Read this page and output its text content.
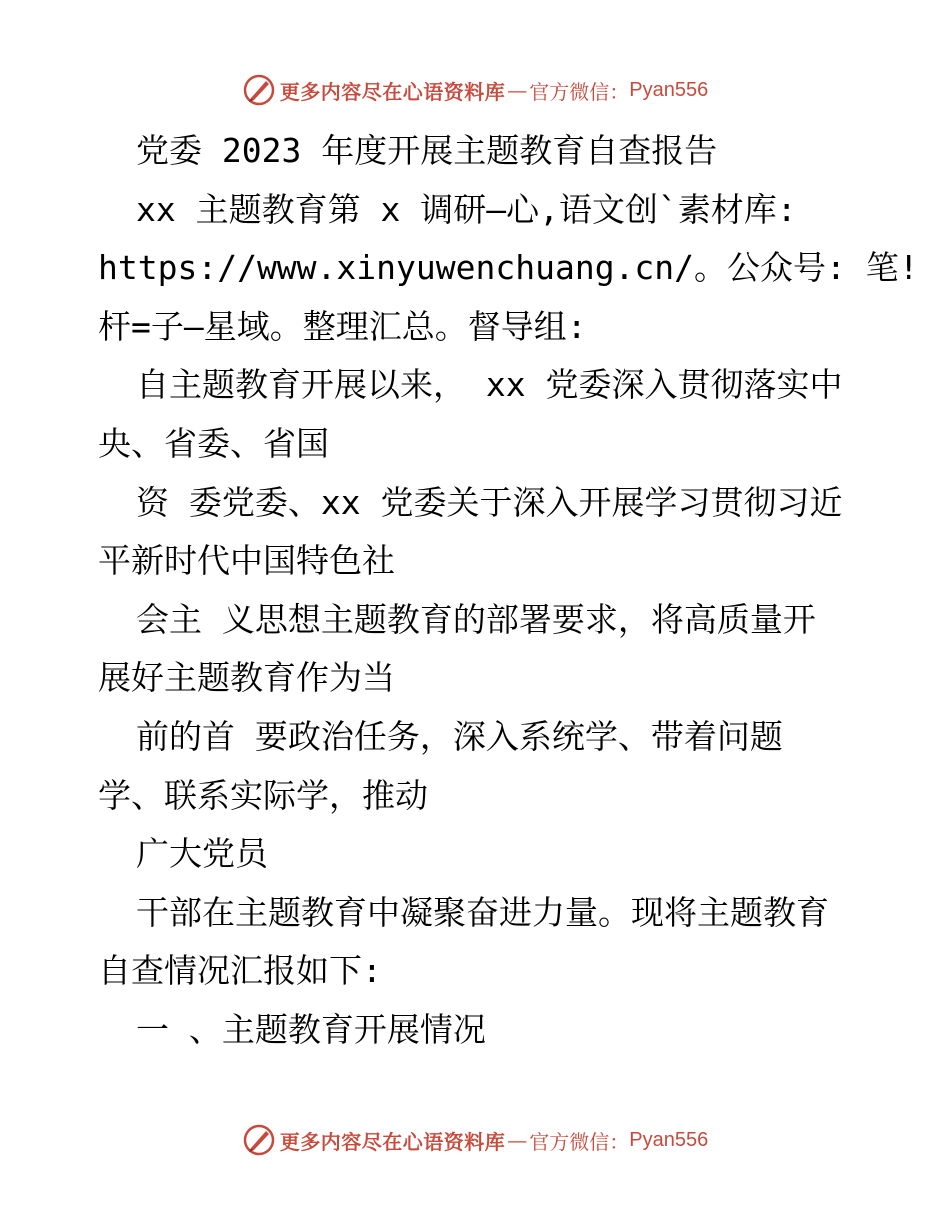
更多内容尽在心语资料库 — 官方微信： Pyan556
党委 2023 年度开展主题教育自查报告
xx 主题教育第 x 调研—心,语文创`素材库:
https://www.xinyuwenchuang.cn/。公众号: 笔!
杆=子—星域。整理汇总。督导组:
自主题教育开展以来， xx 党委深入贯彻落实中
央、省委、省国
资 委党委、xx 党委关于深入开展学习贯彻习近
平新时代中国特色社
会主 义思想主题教育的部署要求，将高质量开
展好主题教育作为当
前的首 要政治任务，深入系统学、带着问题
学、联系实际学，推动
广大党员
干部在主题教育中凝聚奋进力量。现将主题教育
自查情况汇报如下:
一 、主题教育开展情况
更多内容尽在心语资料库 — 官方微信： Pyan556
